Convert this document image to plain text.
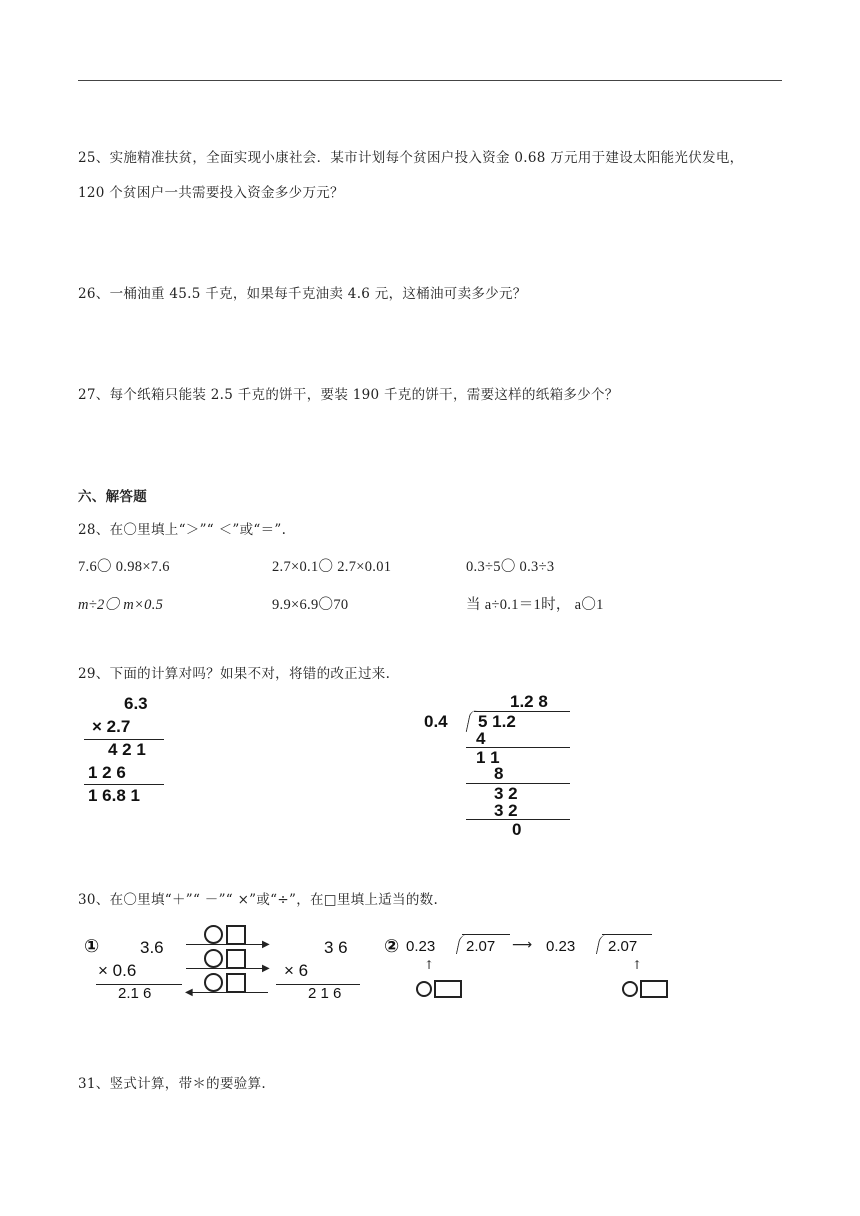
25、实施精准扶贫，全面实现小康社会．某市计划每个贫困户投入资金 0.68 万元用于建设太阳能光伏发电，
120 个贫困户一共需要投入资金多少万元？
26、一桶油重 45.5 千克，如果每千克油卖 4.6 元，这桶油可卖多少元？
27、每个纸箱只能装 2.5 千克的饼干，要装 190 千克的饼干，需要这样的纸箱多少个？
六、解答题
28、在〇里填上“＞”“ ＜”或“＝”.
7.6〇 0.98×7.6	2.7×0.1〇 2.7×0.01	0.3÷5〇 0.3÷3
m÷2〇 m×0.5	9.9×6.9〇70	当 a÷0.1＝1时， a〇1
29、下面的计算对吗？如果不对，将错的改正过来.
6.3
× 2.7
4 2 1
1 2 6
1 6.8 1
1.2 8
0.4 5 1.2
4
1 1
8
3 2
3 2
0
30、在〇里填“＋”“ －”“ ×”或“÷”，在□里填上适当的数.
① 3.6
× 0.6
2.1 6
▶
▶
◀
3 6
× 6
2 1 6
② 0.23 2.07 ⟶ 0.23 2.07
↑	↑
31、竖式计算，带＊的要验算.
